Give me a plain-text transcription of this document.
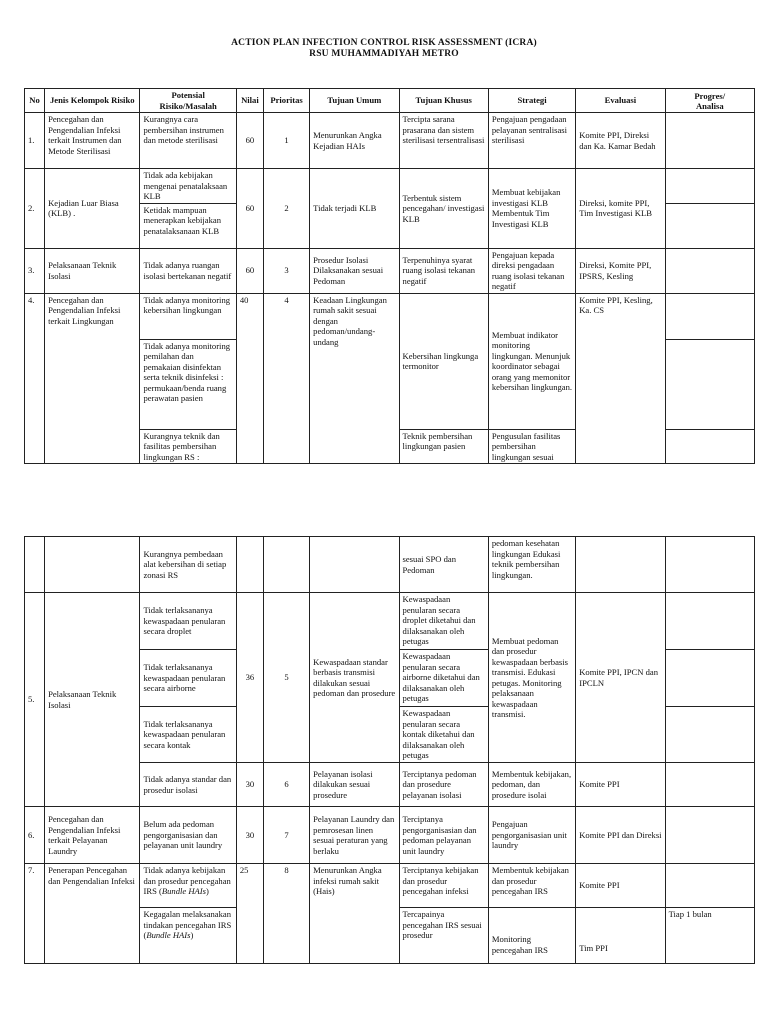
ACTION PLAN INFECTION CONTROL RISK ASSESSMENT (ICRA)
RSU MUHAMMADIYAH METRO
No	Jenis Kelompok Risiko	Potensial Risiko/Masalah	Nilai	Prioritas	Tujuan Umum	Tujuan Khusus	Strategi	Evaluasi	Progres/
Analisa
1.	Pencegahan dan Pengendalian Infeksi terkait Instrumen dan Metode Sterilisasi	Kurangnya cara pembersihan instrumen dan metode sterilisasi	60	1	Menurunkan Angka Kejadian HAIs	Tercipta sarana prasarana dan sistem sterilisasi tersentralisasi	Pengajuan pengadaan pelayanan sentralisasi sterilisasi	Komite PPI, Direksi dan Ka. Kamar Bedah	
2.	Kejadian Luar Biasa (KLB) .	Tidak ada kebijakan mengenai penatalaksaan KLB	60	2	Tidak terjadi KLB	Terbentuk sistem pencegahan/ investigasi KLB	Membuat kebijakan investigasi KLB Membentuk Tim Investigasi KLB	Direksi, komite PPI, Tim Investigasi KLB	
		Ketidak mampuan menerapkan kebijakan penatalaksanaan KLB							
3.	Pelaksanaan Teknik Isolasi	Tidak adanya ruangan isolasi bertekanan negatif	60	3	Prosedur Isolasi Dilaksanakan sesuai Pedoman	Terpenuhinya syarat ruang isolasi tekanan negatif	Pengajuan kepada direksi pengadaan ruang isolasi tekanan negatif	Direksi, Komite PPI, IPSRS, Kesling	
4.	Pencegahan dan Pengendalian Infeksi terkait Lingkungan	Tidak adanya monitoring kebersihan lingkungan	40	4	Keadaan Lingkungan rumah sakit sesuai dengan pedoman/undang-undang	Kebersihan lingkunga termonitor	Membuat indikator monitoring lingkungan. Menunjuk koordinator sebagai orang yang memonitor kebersihan lingkungan.	Komite PPI, Kesling, Ka. CS	
		Tidak adanya monitoring pemilahan dan pemakaian disinfektan serta teknik disinfeksi : permukaan/benda ruang perawatan pasien							
		Kurangnya teknik dan fasilitas pembersihan lingkungan RS :				Teknik pembersihan lingkungan pasien	Pengusulan fasilitas pembersihan lingkungan sesuai		
		Kurangnya pembedaan alat kebersihan di setiap zonasi RS				sesuai SPO dan Pedoman	pedoman kesehatan lingkungan Edukasi teknik pembersihan lingkungan.		
5.	Pelaksanaan Teknik Isolasi	Tidak terlaksananya kewaspadaan penularan secara droplet	36	5	Kewaspadaan standar berbasis transmisi dilakukan sesuai pedoman dan prosedure	Kewaspadaan penularan secara droplet diketahui dan dilaksanakan oleh petugas	Membuat pedoman dan prosedur kewaspadaan berbasis transmisi. Edukasi petugas. Monitoring pelaksanaan kewaspadaan transmisi.	Komite PPI, IPCN dan IPCLN	
		Tidak terlaksananya kewaspadaan penularan secara airborne				Kewaspadaan penularan secara airborne diketahui dan dilaksanakan oleh petugas			
		Tidak terlaksananya kewaspadaan penularan secara kontak				Kewaspadaan penularan secara kontak diketahui dan dilaksanakan oleh petugas			
		Tidak adanya standar dan prosedur isolasi	30	6	Pelayanan isolasi dilakukan sesuai prosedure	Terciptanya pedoman dan prosedure pelayanan isolasi	Membentuk kebijakan, pedoman, dan prosedure isolai	Komite PPI	
6.	Pencegahan dan Pengendalian Infeksi terkait Pelayanan Laundry	Belum ada pedoman pengorganisasian dan pelayanan unit laundry	30	7	Pelayanan Laundry dan pemrosesan linen sesuai peraturan yang berlaku	Terciptanya pengorganisasian dan pedoman pelayanan unit laundry	Pengajuan pengorganisasian unit laundry	Komite PPI dan Direksi	
7.	Penerapan Pencegahan dan Pengendalian Infeksi	Tidak adanya kebijakan dan prosedur pencegahan IRS (Bundle HAIs)	25	8	Menurunkan Angka infeksi rumah sakit (Hais)	Terciptanya kebijakan dan prosedur pencegahan infeksi	Membentuk kebijakan dan prosedur pencegahan IRS	Komite PPI	
		Kegagalan melaksanakan tindakan pencegahan IRS (Bundle HAIs)				Tercapainya pencegahan IRS sesuai prosedur	Monitoring pencegahan IRS	Tim PPI	Tiap 1 bulan
